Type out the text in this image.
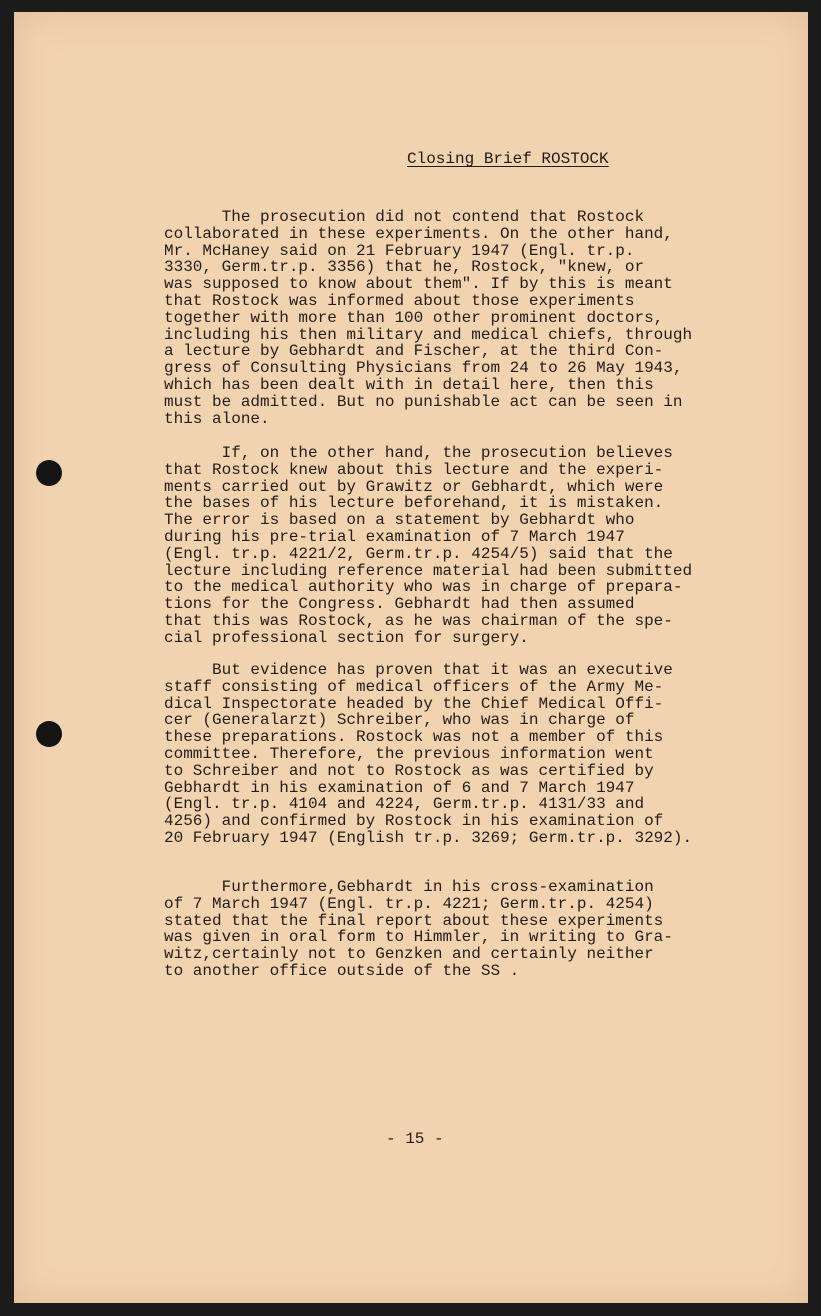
Closing Brief ROSTOCK

The prosecution did not contend that Rostock
collaborated in these experiments. On the other hand,
Mr. McHaney said on 21 February 1947 (Engl. tr.p.
3330, Germ.tr.p. 3356) that he, Rostock, "knew, or
was supposed to know about them". If by this is meant
that Rostock was informed about those experiments
together with more than 100 other prominent doctors,
including his then military and medical chiefs, through
a lecture by Gebhardt and Fischer, at the third Con-
gress of Consulting Physicians from 24 to 26 May 1943,
which has been dealt with in detail here, then this
must be admitted. But no punishable act can be seen in
this alone.

If, on the other hand, the prosecution believes
that Rostock knew about this lecture and the experi-
ments carried out by Grawitz or Gebhardt, which were
the bases of his lecture beforehand, it is mistaken.
The error is based on a statement by Gebhardt who
during his pre-trial examination of 7 March 1947
(Engl. tr.p. 4221/2, Germ.tr.p. 4254/5) said that the
lecture including reference material had been submitted
to the medical authority who was in charge of prepara-
tions for the Congress. Gebhardt had then assumed
that this was Rostock, as he was chairman of the spe-
cial professional section for surgery.

But evidence has proven that it was an executive
staff consisting of medical officers of the Army Me-
dical Inspectorate headed by the Chief Medical Offi-
cer (Generalarzt) Schreiber, who was in charge of
these preparations. Rostock was not a member of this
committee. Therefore, the previous information went
to Schreiber and not to Rostock as was certified by
Gebhardt in his examination of 6 and 7 March 1947
(Engl. tr.p. 4104 and 4224, Germ.tr.p. 4131/33 and
4256) and confirmed by Rostock in his examination of
20 February 1947 (English tr.p. 3269; Germ.tr.p. 3292).

Furthermore,Gebhardt in his cross-examination
of 7 March 1947 (Engl. tr.p. 4221; Germ.tr.p. 4254)
stated that the final report about these experiments
was given in oral form to Himmler, in writing to Gra-
witz,certainly not to Genzken and certainly neither
to another office outside of the SS .

- 15 -
